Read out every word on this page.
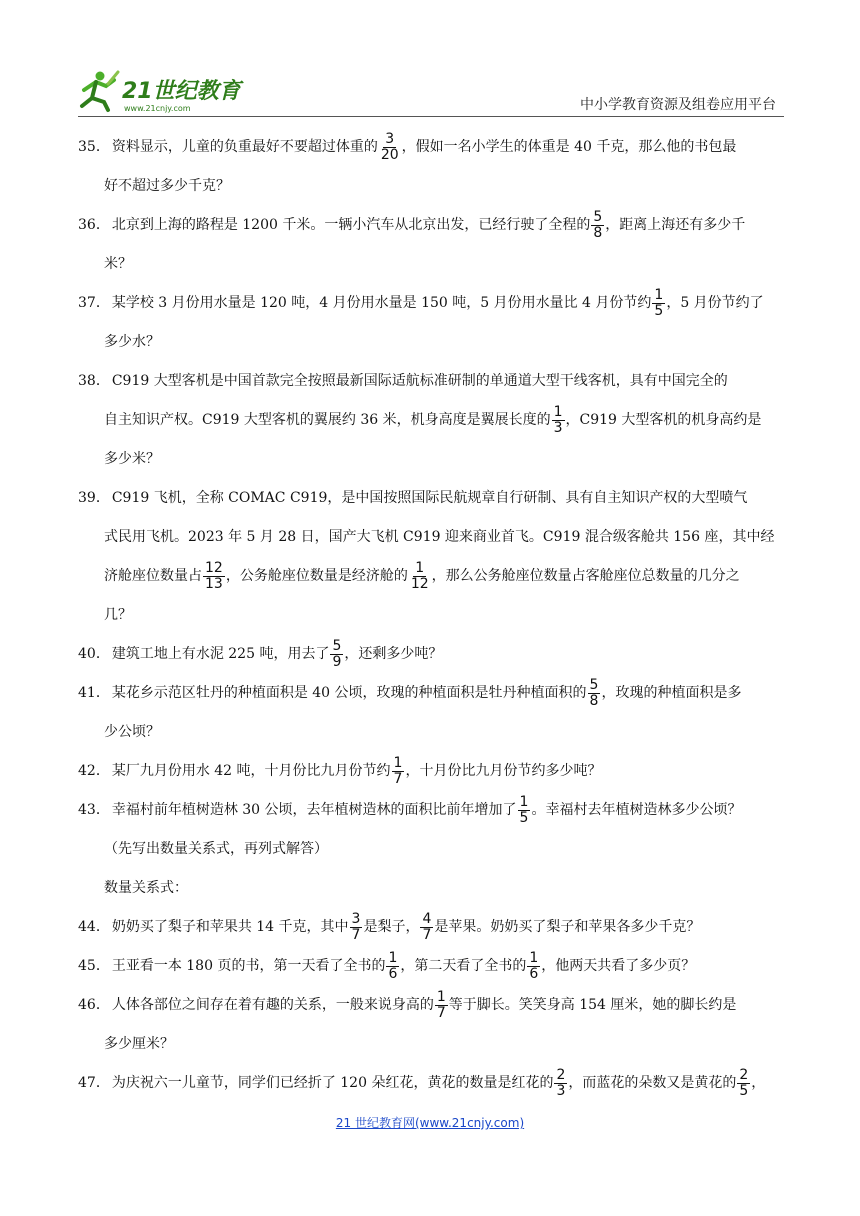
21世纪教育
www.21cnjy.com	中小学教育资源及组卷应用平台
35． 资料显示，儿童的负重最好不要超过体重的 $\frac{3}{20}$ ，假如一名小学生的体重是 40 千克，那么他的书包最
好不超过多少千克？
36． 北京到上海的路程是 1200 千米。一辆小汽车从北京出发，已经行驶了全程的 $\frac{5}{8}$ ，距离上海还有多少千
米？
37． 某学校 3 月份用水量是 120 吨，4 月份用水量是 150 吨，5 月份用水量比 4 月份节约 $\frac{1}{5}$ ，5 月份节约了
多少水？
38． C919 大型客机是中国首款完全按照最新国际适航标准研制的单通道大型干线客机，具有中国完全的
自主知识产权。C919 大型客机的翼展约 36 米，机身高度是翼展长度的 $\frac{1}{3}$ ，C919 大型客机的机身高约是
多少米？
39． C919 飞机，全称 COMAC C919，是中国按照国际民航规章自行研制、具有自主知识产权的大型喷气
式民用飞机。2023 年 5 月 28 日，国产大飞机 C919 迎来商业首飞。C919 混合级客舱共 156 座，其中经
济舱座位数量占 $\frac{12}{13}$ ，公务舱座位数量是经济舱的 $\frac{1}{12}$ ，那么公务舱座位数量占客舱座位总数量的几分之
几？
40． 建筑工地上有水泥 225 吨，用去了 $\frac{5}{9}$ ，还剩多少吨？
41． 某花乡示范区牡丹的种植面积是 40 公顷，玫瑰的种植面积是牡丹种植面积的 $\frac{5}{8}$ ，玫瑰的种植面积是多
少公顷？
42． 某厂九月份用水 42 吨，十月份比九月份节约 $\frac{1}{7}$ ，十月份比九月份节约多少吨？
43． 幸福村前年植树造林 30 公顷，去年植树造林的面积比前年增加了 $\frac{1}{5}$ 。幸福村去年植树造林多少公顷？
（先写出数量关系式，再列式解答）
数量关系式：
44． 奶奶买了梨子和苹果共 14 千克，其中 $\frac{3}{7}$ 是梨子， $\frac{4}{7}$ 是苹果。奶奶买了梨子和苹果各多少千克？
45． 王亚看一本 180 页的书，第一天看了全书的 $\frac{1}{6}$ ，第二天看了全书的 $\frac{1}{6}$ ，他两天共看了多少页？
46． 人体各部位之间存在着有趣的关系，一般来说身高的 $\frac{1}{7}$ 等于脚长。笑笑身高 154 厘米，她的脚长约是
多少厘米？
47． 为庆祝六一儿童节，同学们已经折了 120 朵红花，黄花的数量是红花的 $\frac{2}{3}$ ，而蓝花的朵数又是黄花的 $\frac{2}{5}$ ，
21 世纪教育网(www.21cnjy.com)
